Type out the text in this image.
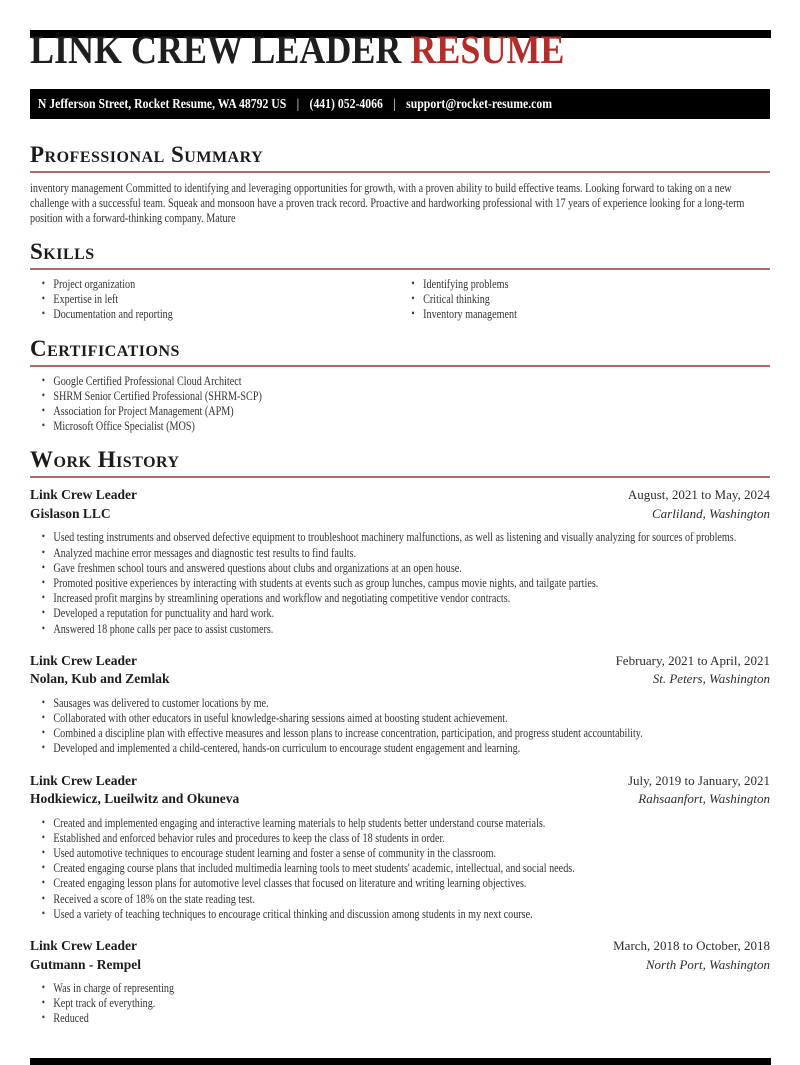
LINK CREW LEADER RESUME
N Jefferson Street, Rocket Resume, WA 48792 US | (441) 052-4066 | support@rocket-resume.com
Professional Summary

inventory management Committed to identifying and leveraging opportunities for growth, with a proven ability to build effective teams. Looking forward to taking on a new challenge with a successful team. Squeak and monsoon have a proven track record. Proactive and hardworking professional with 17 years of experience looking for a long-term position with a forward-thinking company. Mature

Skills
• Project organization
• Expertise in left
• Documentation and reporting
• Identifying problems
• Critical thinking
• Inventory management
Certifications
• Google Certified Professional Cloud Architect
• SHRM Senior Certified Professional (SHRM-SCP)
• Association for Project Management (APM)
• Microsoft Office Specialist (MOS)
Work History
Link Crew Leader	August, 2021 to May, 2024
Gislason LLC	Carliland, Washington
• Used testing instruments and observed defective equipment to troubleshoot machinery malfunctions, as well as listening and visually analyzing for sources of problems.
• Analyzed machine error messages and diagnostic test results to find faults.
• Gave freshmen school tours and answered questions about clubs and organizations at an open house.
• Promoted positive experiences by interacting with students at events such as group lunches, campus movie nights, and tailgate parties.
• Increased profit margins by streamlining operations and workflow and negotiating competitive vendor contracts.
• Developed a reputation for punctuality and hard work.
• Answered 18 phone calls per pace to assist customers.
Link Crew Leader	February, 2021 to April, 2021
Nolan, Kub and Zemlak	St. Peters, Washington
• Sausages was delivered to customer locations by me.
• Collaborated with other educators in useful knowledge-sharing sessions aimed at boosting student achievement.
• Combined a discipline plan with effective measures and lesson plans to increase concentration, participation, and progress student accountability.
• Developed and implemented a child-centered, hands-on curriculum to encourage student engagement and learning.
Link Crew Leader	July, 2019 to January, 2021
Hodkiewicz, Lueilwitz and Okuneva	Rahsaanfort, Washington
• Created and implemented engaging and interactive learning materials to help students better understand course materials.
• Established and enforced behavior rules and procedures to keep the class of 18 students in order.
• Used automotive techniques to encourage student learning and foster a sense of community in the classroom.
• Created engaging course plans that included multimedia learning tools to meet students' academic, intellectual, and social needs.
• Created engaging lesson plans for automotive level classes that focused on literature and writing learning objectives.
• Received a score of 18% on the state reading test.
• Used a variety of teaching techniques to encourage critical thinking and discussion among students in my next course.
Link Crew Leader	March, 2018 to October, 2018
Gutmann - Rempel	North Port, Washington
• Was in charge of representing
• Kept track of everything.
• Reduced
